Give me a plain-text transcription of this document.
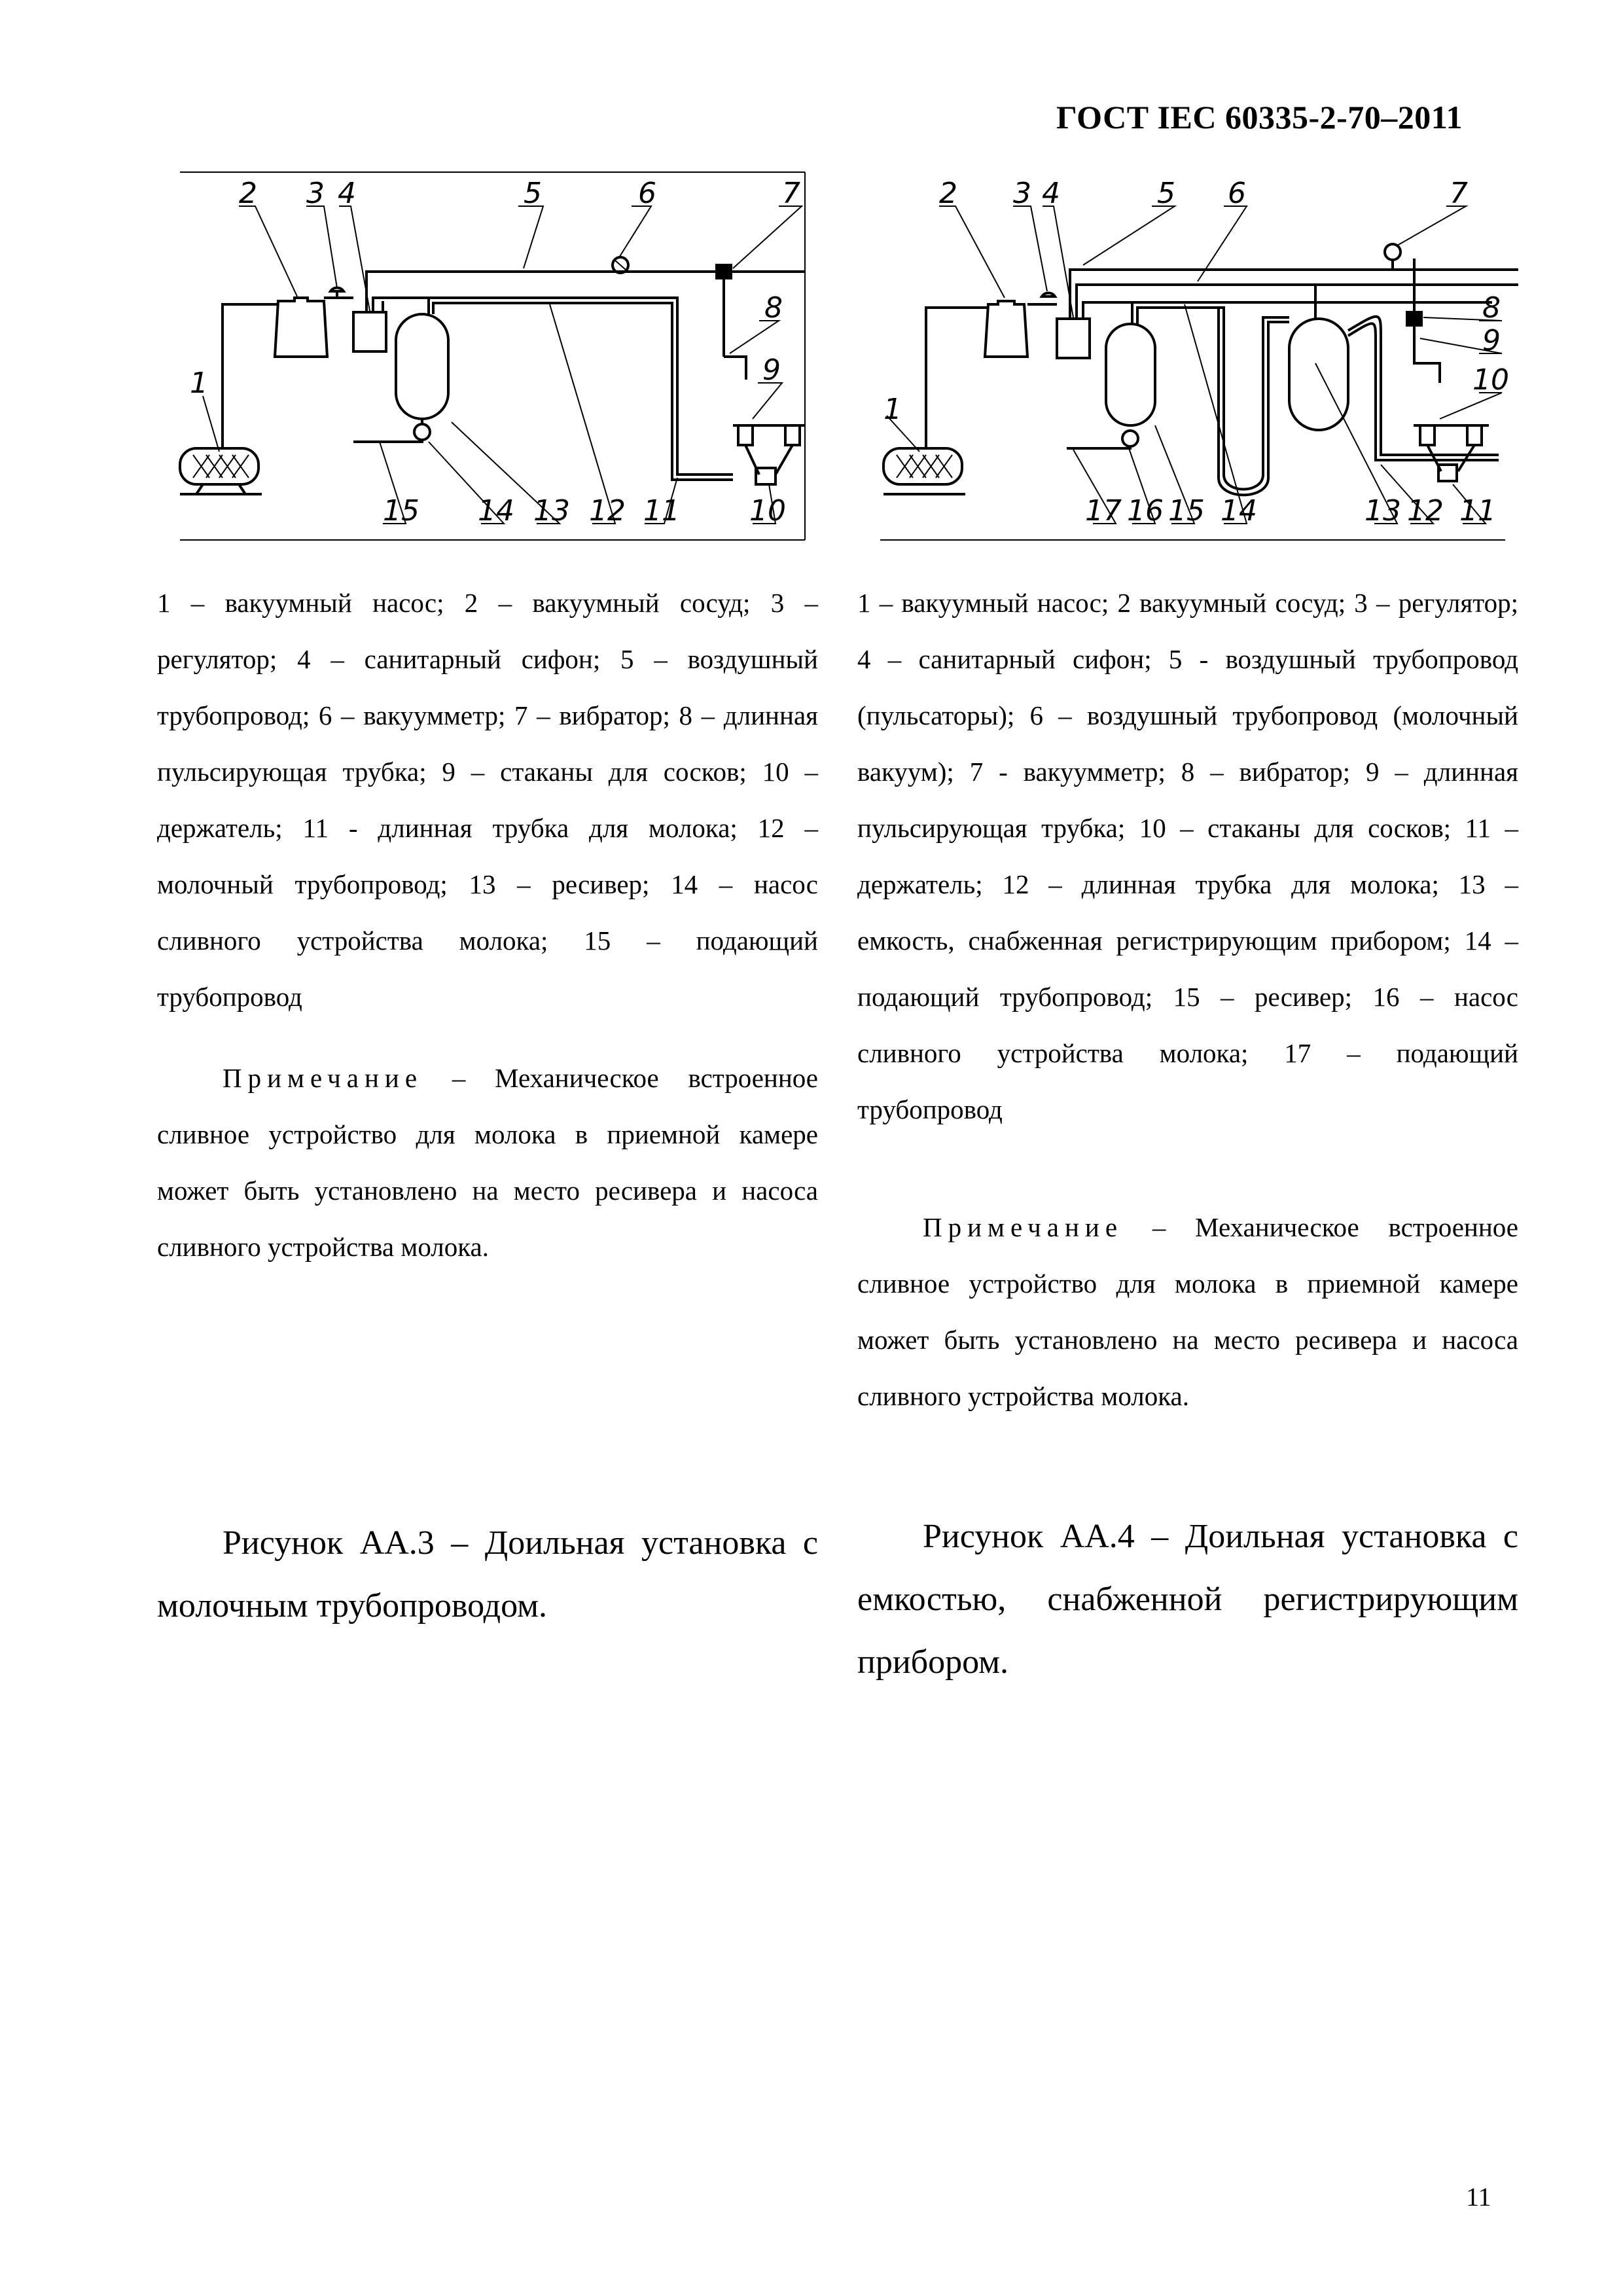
ГОСТ IEC 60335-2-70–2011
1
2 3 4	5	6	7
8
9
10
11
12
13
14
15

1 – вакуумный насос; 2 – вакуумный сосуд; 3 – регулятор; 4 – санитарный сифон; 5 – воздушный трубопровод; 6 – вакуумметр; 7 – вибратор; 8 – длинная пульсирующая трубка; 9 – стаканы для сосков; 10 – держатель; 11 - длинная трубка для молока; 12 – молочный трубопровод; 13 – ресивер; 14 – насос сливного устройства молока; 15 – подающий трубопровод

Примечание – Механическое встроенное сливное устройство для молока в приемной камере может быть установлено на место ресивера и насоса сливного устройства молока.

Рисунок АА.3 – Доильная установка с молочным трубопроводом.

1
2 3 4	5 6	7
8
9
10
11
12
13
14
15
16
17

1 – вакуумный насос; 2 вакуумный сосуд; 3 – регулятор; 4 – санитарный сифон; 5 - воздушный трубопровод (пульсаторы); 6 – воздушный трубопровод (молочный вакуум); 7 - вакуумметр; 8 – вибратор; 9 – длинная пульсирующая трубка; 10 – стаканы для сосков; 11 – держатель; 12 – длинная трубка для молока; 13 – емкость, снабженная регистрирующим прибором; 14 – подающий трубопровод; 15 – ресивер; 16 – насос сливного устройства молока; 17 – подающий трубопровод

Примечание – Механическое встроенное сливное устройство для молока в приемной камере может быть установлено на место ресивера и насоса сливного устройства молока.

Рисунок АА.4 – Доильная установка с емкостью, снабженной регистрирующим прибором.

11
